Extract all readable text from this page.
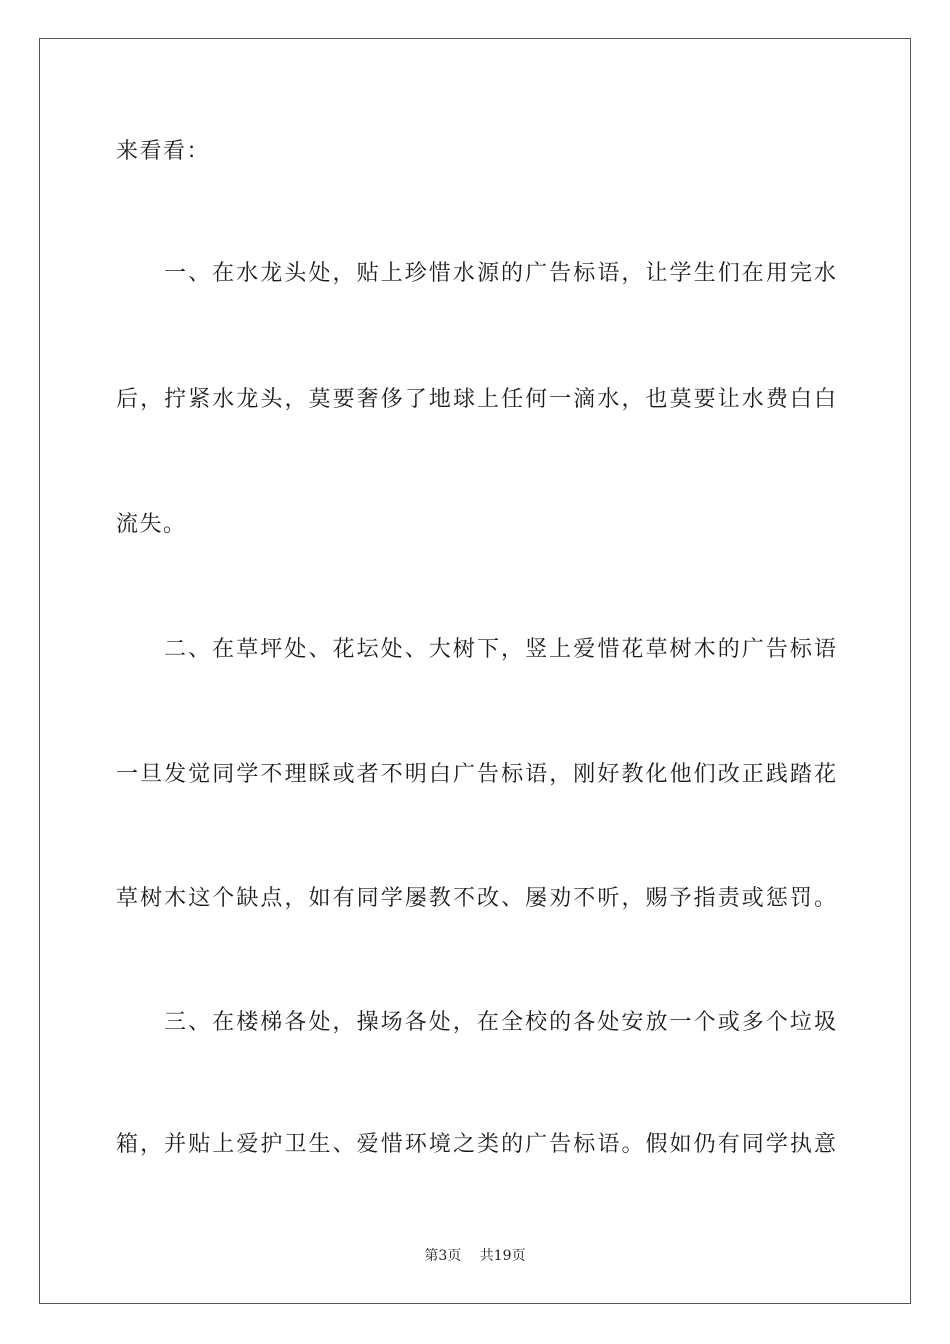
来看看：
一、在水龙头处，贴上珍惜水源的广告标语，让学生们在用完水
后，拧紧水龙头，莫要奢侈了地球上任何一滴水，也莫要让水费白白
流失。
二、在草坪处、花坛处、大树下，竖上爱惜花草树木的广告标语
一旦发觉同学不理睬或者不明白广告标语，刚好教化他们改正践踏花
草树木这个缺点，如有同学屡教不改、屡劝不听，赐予指责或惩罚。
三、在楼梯各处，操场各处，在全校的各处安放一个或多个垃圾
箱，并贴上爱护卫生、爱惜环境之类的广告标语。假如仍有同学执意
第3页 共19页
